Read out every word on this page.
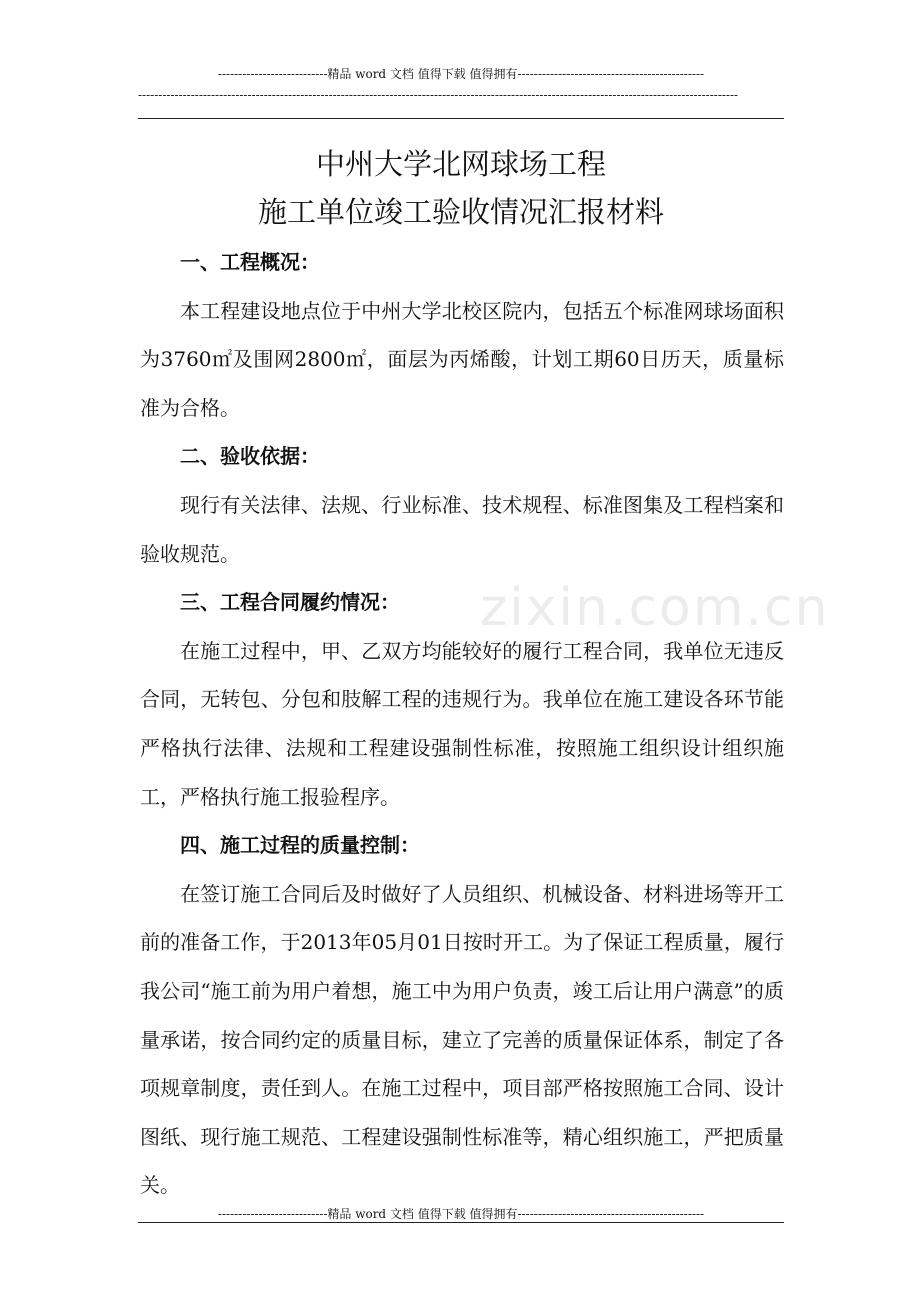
---------------------------精品 word 文档 值得下载 值得拥有----------------------------------------------
----------------------------------------------------------------------------------------------------------------------------------------------------
中州大学北网球场工程
施工单位竣工验收情况汇报材料
zixin.com.cn
一、工程概况：

本工程建设地点位于中州大学北校区院内，包括五个标准网球场面积为3760㎡及围网2800㎡，面层为丙烯酸，计划工期60日历天，质量标准为合格。

二、验收依据：

现行有关法律、法规、行业标准、技术规程、标准图集及工程档案和验收规范。

三、工程合同履约情况：

在施工过程中，甲、乙双方均能较好的履行工程合同，我单位无违反合同，无转包、分包和肢解工程的违规行为。我单位在施工建设各环节能严格执行法律、法规和工程建设强制性标准，按照施工组织设计组织施工，严格执行施工报验程序。

四、施工过程的质量控制：

在签订施工合同后及时做好了人员组织、机械设备、材料进场等开工前的准备工作，于2013年05月01日按时开工。为了保证工程质量，履行我公司“施工前为用户着想，施工中为用户负责，竣工后让用户满意”的质量承诺，按合同约定的质量目标，建立了完善的质量保证体系，制定了各项规章制度，责任到人。在施工过程中，项目部严格按照施工合同、设计图纸、现行施工规范、工程建设强制性标准等，精心组织施工，严把质量关。

---------------------------精品 word 文档 值得下载 值得拥有----------------------------------------------
